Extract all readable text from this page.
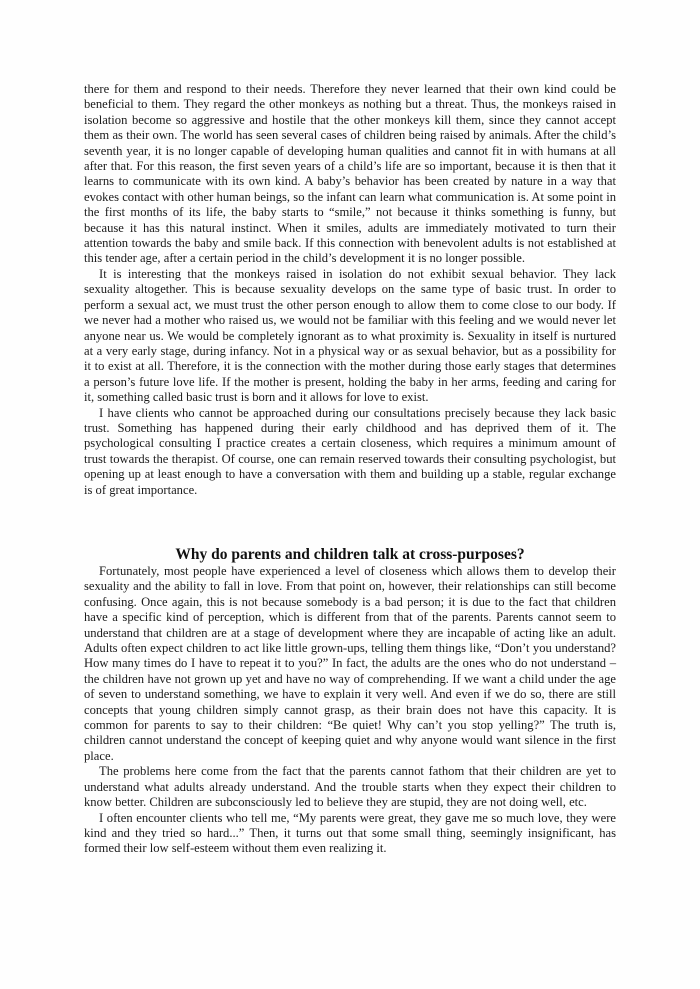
there for them and respond to their needs. Therefore they never learned that their own kind could be beneficial to them. They regard the other monkeys as nothing but a threat. Thus, the monkeys raised in isolation become so aggressive and hostile that the other monkeys kill them, since they cannot accept them as their own. The world has seen several cases of children being raised by animals. After the child’s seventh year, it is no longer capable of developing human qualities and cannot fit in with humans at all after that. For this reason, the first seven years of a child’s life are so important, because it is then that it learns to communicate with its own kind. A baby’s behavior has been created by nature in a way that evokes contact with other human beings, so the infant can learn what communication is. At some point in the first months of its life, the baby starts to “smile,” not because it thinks something is funny, but because it has this natural instinct. When it smiles, adults are immediately motivated to turn their attention towards the baby and smile back. If this connection with benevolent adults is not established at this tender age, after a certain period in the child’s development it is no longer possible.

It is interesting that the monkeys raised in isolation do not exhibit sexual behavior. They lack sexuality altogether. This is because sexuality develops on the same type of basic trust. In order to perform a sexual act, we must trust the other person enough to allow them to come close to our body. If we never had a mother who raised us, we would not be familiar with this feeling and we would never let anyone near us. We would be completely ignorant as to what proximity is. Sexuality in itself is nurtured at a very early stage, during infancy. Not in a physical way or as sexual behavior, but as a possibility for it to exist at all. Therefore, it is the connection with the mother during those early stages that determines a person’s future love life. If the mother is present, holding the baby in her arms, feeding and caring for it, something called basic trust is born and it allows for love to exist.

I have clients who cannot be approached during our consultations precisely because they lack basic trust. Something has happened during their early childhood and has deprived them of it. The psychological consulting I practice creates a certain closeness, which requires a minimum amount of trust towards the therapist. Of course, one can remain reserved towards their consulting psychologist, but opening up at least enough to have a conversation with them and building up a stable, regular exchange is of great importance.

Why do parents and children talk at cross-purposes?

Fortunately, most people have experienced a level of closeness which allows them to develop their sexuality and the ability to fall in love. From that point on, however, their relationships can still become confusing. Once again, this is not because somebody is a bad person; it is due to the fact that children have a specific kind of perception, which is different from that of the parents. Parents cannot seem to understand that children are at a stage of development where they are incapable of acting like an adult. Adults often expect children to act like little grown-ups, telling them things like, “Don’t you understand? How many times do I have to repeat it to you?” In fact, the adults are the ones who do not understand – the children have not grown up yet and have no way of comprehending. If we want a child under the age of seven to understand something, we have to explain it very well. And even if we do so, there are still concepts that young children simply cannot grasp, as their brain does not have this capacity. It is common for parents to say to their children: “Be quiet! Why can’t you stop yelling?” The truth is, children cannot understand the concept of keeping quiet and why anyone would want silence in the first place.

The problems here come from the fact that the parents cannot fathom that their children are yet to understand what adults already understand. And the trouble starts when they expect their children to know better. Children are subconsciously led to believe they are stupid, they are not doing well, etc.

I often encounter clients who tell me, “My parents were great, they gave me so much love, they were kind and they tried so hard...” Then, it turns out that some small thing, seemingly insignificant, has formed their low self-esteem without them even realizing it.
